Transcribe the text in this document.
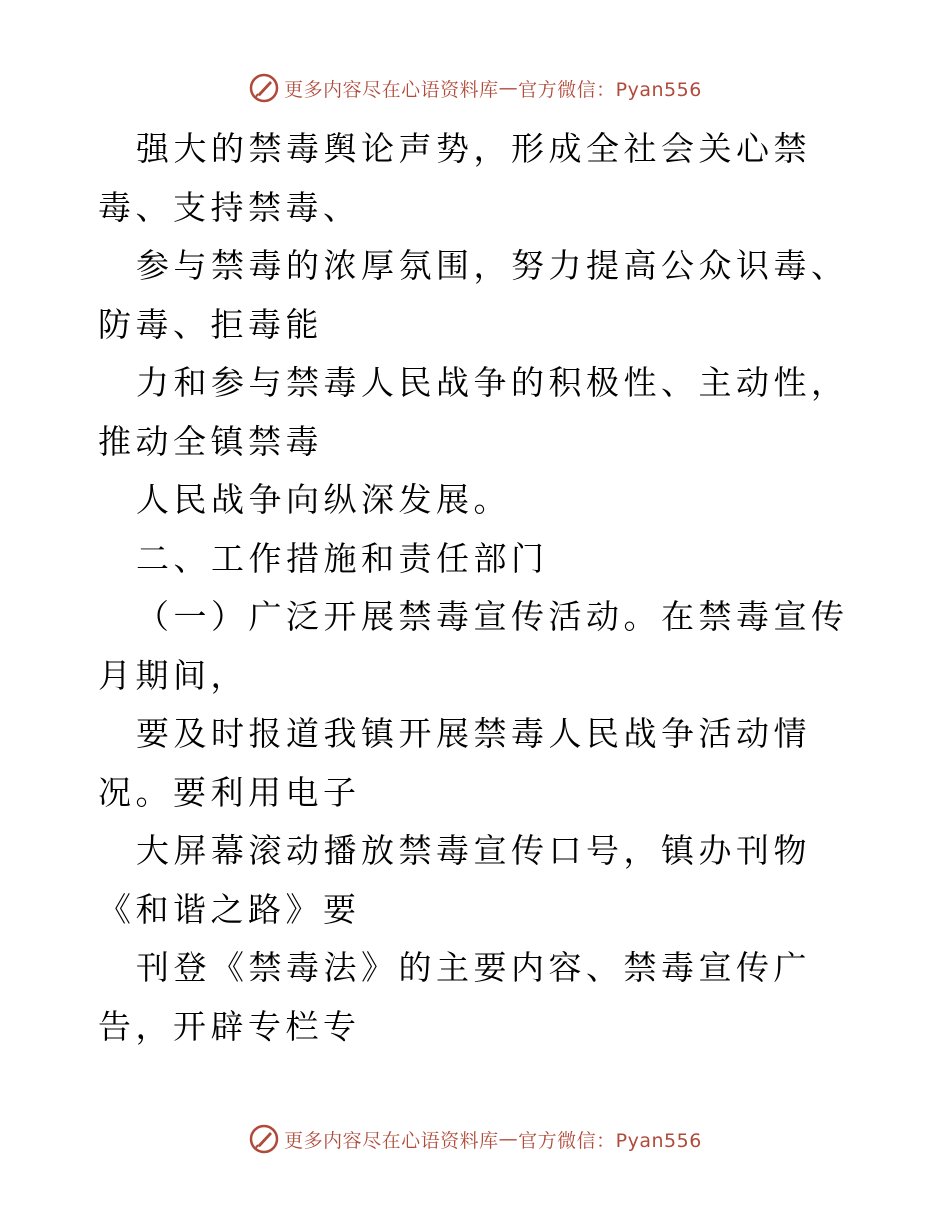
更多内容尽在心语资料库 — 官方微信：Pyan556

强大的禁毒舆论声势，形成全社会关心禁毒、支持禁毒、

参与禁毒的浓厚氛围，努力提高公众识毒、防毒、拒毒能

力和参与禁毒人民战争的积极性、主动性，推动全镇禁毒

人民战争向纵深发展。

二、工作措施和责任部门

（一）广泛开展禁毒宣传活动。在禁毒宣传月期间，

要及时报道我镇开展禁毒人民战争活动情况。要利用电子

大屏幕滚动播放禁毒宣传口号，镇办刊物《和谐之路》要

刊登《禁毒法》的主要内容、禁毒宣传广告，开辟专栏专

更多内容尽在心语资料库 — 官方微信：Pyan556
